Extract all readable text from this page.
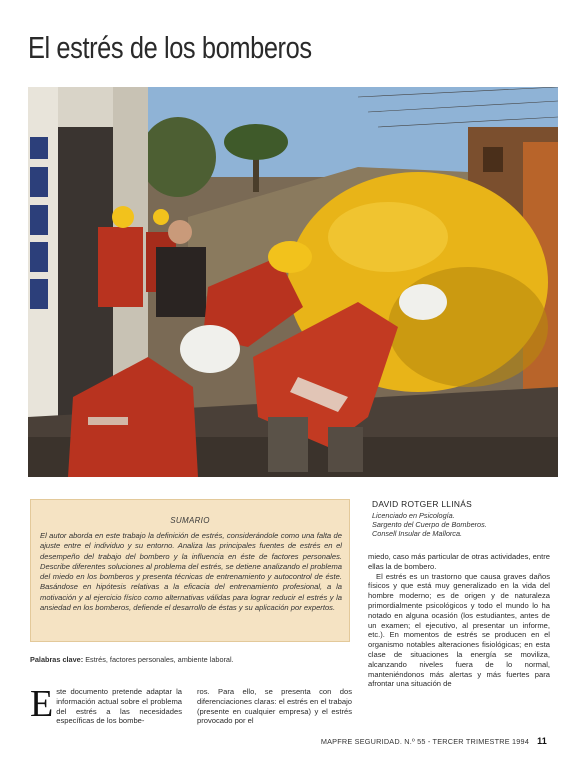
El estrés de los bomberos
SUMARIO
El autor aborda en este trabajo la definición de estrés, considerándole como una falta de ajuste entre el individuo y su entorno. Analiza las principales fuentes de estrés en el desempeño del trabajo del bombero y la influencia en éste de factores personales. Describe diferentes soluciones al problema del estrés, se detiene analizando el problema del miedo en los bomberos y presenta técnicas de entrenamiento y autocontrol de éste. Basándose en hipótesis relativas a la eficacia del entrenamiento profesional, a la motivación y al ejercicio físico como alternativas válidas para lograr reducir el estrés y la ansiedad en los bomberos, defiende el desarrollo de éstas y su aplicación por expertos.
Palabras clave: Estrés, factores personales, ambiente laboral.
DAVID ROTGER LLINÁS
Licenciado en Psicología.
Sargento del Cuerpo de Bomberos.
Consell Insular de Mallorca.
Este documento pretende adaptar la información actual sobre el problema del estrés a las necesidades específicas de los bombe-
ros. Para ello, se presenta con dos diferenciaciones claras: el estrés en el trabajo (presente en cualquier empresa) y el estrés provocado por el
miedo, caso más particular de otras actividades, entre ellas la de bombero.
El estrés es un trastorno que causa graves daños físicos y que está muy generalizado en la vida del hombre moderno; es de origen y de naturaleza primordialmente psicológicos y todo el mundo lo ha notado en alguna ocasión (los estudiantes, antes de un examen; el ejecutivo, al presentar un informe, etc.). En momentos de estrés se producen en el organismo notables alteraciones fisiológicas; en esta clase de situaciones la energía se moviliza, alcanzando niveles fuera de lo normal, manteniéndonos más alertas y más fuertes para afrontar una situación de
MAPFRE SEGURIDAD. N.º 55 - TERCER TRIMESTRE 1994 11
